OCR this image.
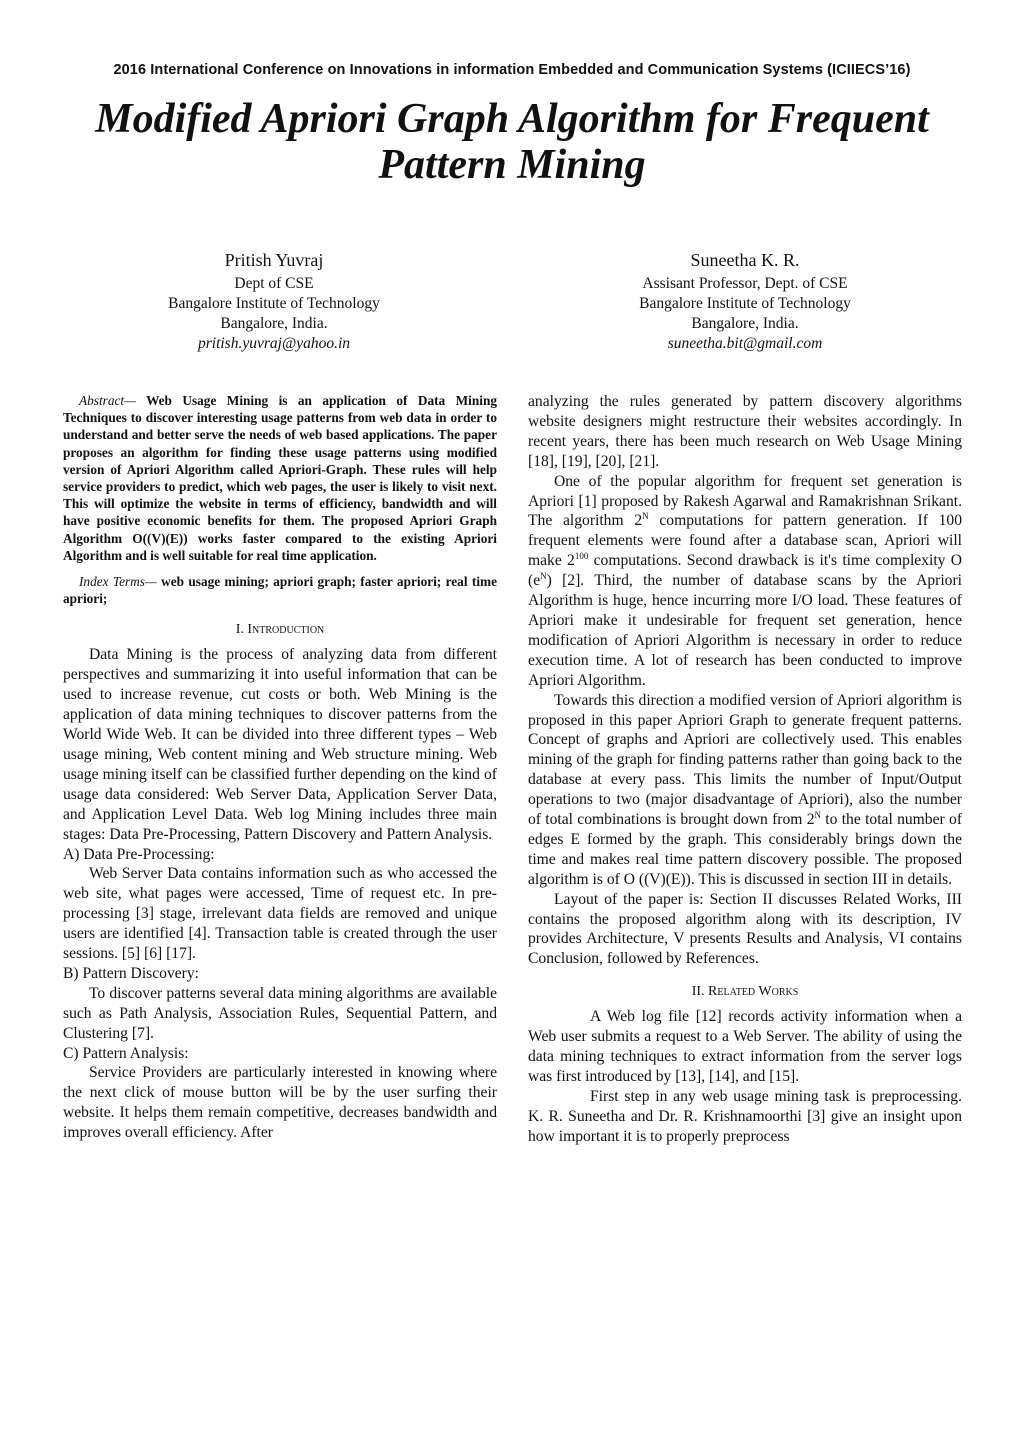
2016 International Conference on Innovations in information Embedded and Communication Systems (ICIIECS’16)
Modified Apriori Graph Algorithm for Frequent
Pattern Mining
Pritish Yuvraj
Dept of CSE
Bangalore Institute of Technology
Bangalore, India.
pritish.yuvraj@yahoo.in
Suneetha K. R.
Assisant Professor, Dept. of CSE
Bangalore Institute of Technology
Bangalore, India.
suneetha.bit@gmail.com

Abstract— Web Usage Mining is an application of Data Mining Techniques to discover interesting usage patterns from web data in order to understand and better serve the needs of web based applications. The paper proposes an algorithm for finding these usage patterns using modified version of Apriori Algorithm called Apriori-Graph. These rules will help service providers to predict, which web pages, the user is likely to visit next. This will optimize the website in terms of efficiency, bandwidth and will have positive economic benefits for them. The proposed Apriori Graph Algorithm O((V)(E)) works faster compared to the existing Apriori Algorithm and is well suitable for real time application.

Index Terms— web usage mining; apriori graph; faster apriori; real time apriori;

I. Introduction

Data Mining is the process of analyzing data from different perspectives and summarizing it into useful information that can be used to increase revenue, cut costs or both. Web Mining is the application of data mining techniques to discover patterns from the World Wide Web. It can be divided into three different types – Web usage mining, Web content mining and Web structure mining. Web usage mining itself can be classified further depending on the kind of usage data considered: Web Server Data, Application Server Data, and Application Level Data. Web log Mining includes three main stages: Data Pre-Processing, Pattern Discovery and Pattern Analysis.

A) Data Pre-Processing:

Web Server Data contains information such as who accessed the web site, what pages were accessed, Time of request etc. In pre-processing [3] stage, irrelevant data fields are removed and unique users are identified [4]. Transaction table is created through the user sessions. [5] [6] [17].

B) Pattern Discovery:

To discover patterns several data mining algorithms are available such as Path Analysis, Association Rules, Sequential Pattern, and Clustering [7].

C) Pattern Analysis:

Service Providers are particularly interested in knowing where the next click of mouse button will be by the user surfing their website. It helps them remain competitive, decreases bandwidth and improves overall efficiency. After

analyzing the rules generated by pattern discovery algorithms website designers might restructure their websites accordingly. In recent years, there has been much research on Web Usage Mining [18], [19], [20], [21].

One of the popular algorithm for frequent set generation is Apriori [1] proposed by Rakesh Agarwal and Ramakrishnan Srikant. The algorithm $2^N$ computations for pattern generation. If 100 frequent elements were found after a database scan, Apriori will make $2^{100}$ computations. Second drawback is it's time complexity O $(e^N)$ [2]. Third, the number of database scans by the Apriori Algorithm is huge, hence incurring more I/O load. These features of Apriori make it undesirable for frequent set generation, hence modification of Apriori Algorithm is necessary in order to reduce execution time. A lot of research has been conducted to improve Apriori Algorithm.

Towards this direction a modified version of Apriori algorithm is proposed in this paper Apriori Graph to generate frequent patterns. Concept of graphs and Apriori are collectively used. This enables mining of the graph for finding patterns rather than going back to the database at every pass. This limits the number of Input/Output operations to two (major disadvantage of Apriori), also the number of total combinations is brought down from $2^N$ to the total number of edges E formed by the graph. This considerably brings down the time and makes real time pattern discovery possible. The proposed algorithm is of O ((V)(E)). This is discussed in section III in details.

Layout of the paper is: Section II discusses Related Works, III contains the proposed algorithm along with its description, IV provides Architecture, V presents Results and Analysis, VI contains Conclusion, followed by References.

II. Related Works

A Web log file [12] records activity information when a Web user submits a request to a Web Server. The ability of using the data mining techniques to extract information from the server logs was first introduced by [13], [14], and [15].

First step in any web usage mining task is preprocessing. K. R. Suneetha and Dr. R. Krishnamoorthi [3] give an insight upon how important it is to properly preprocess
